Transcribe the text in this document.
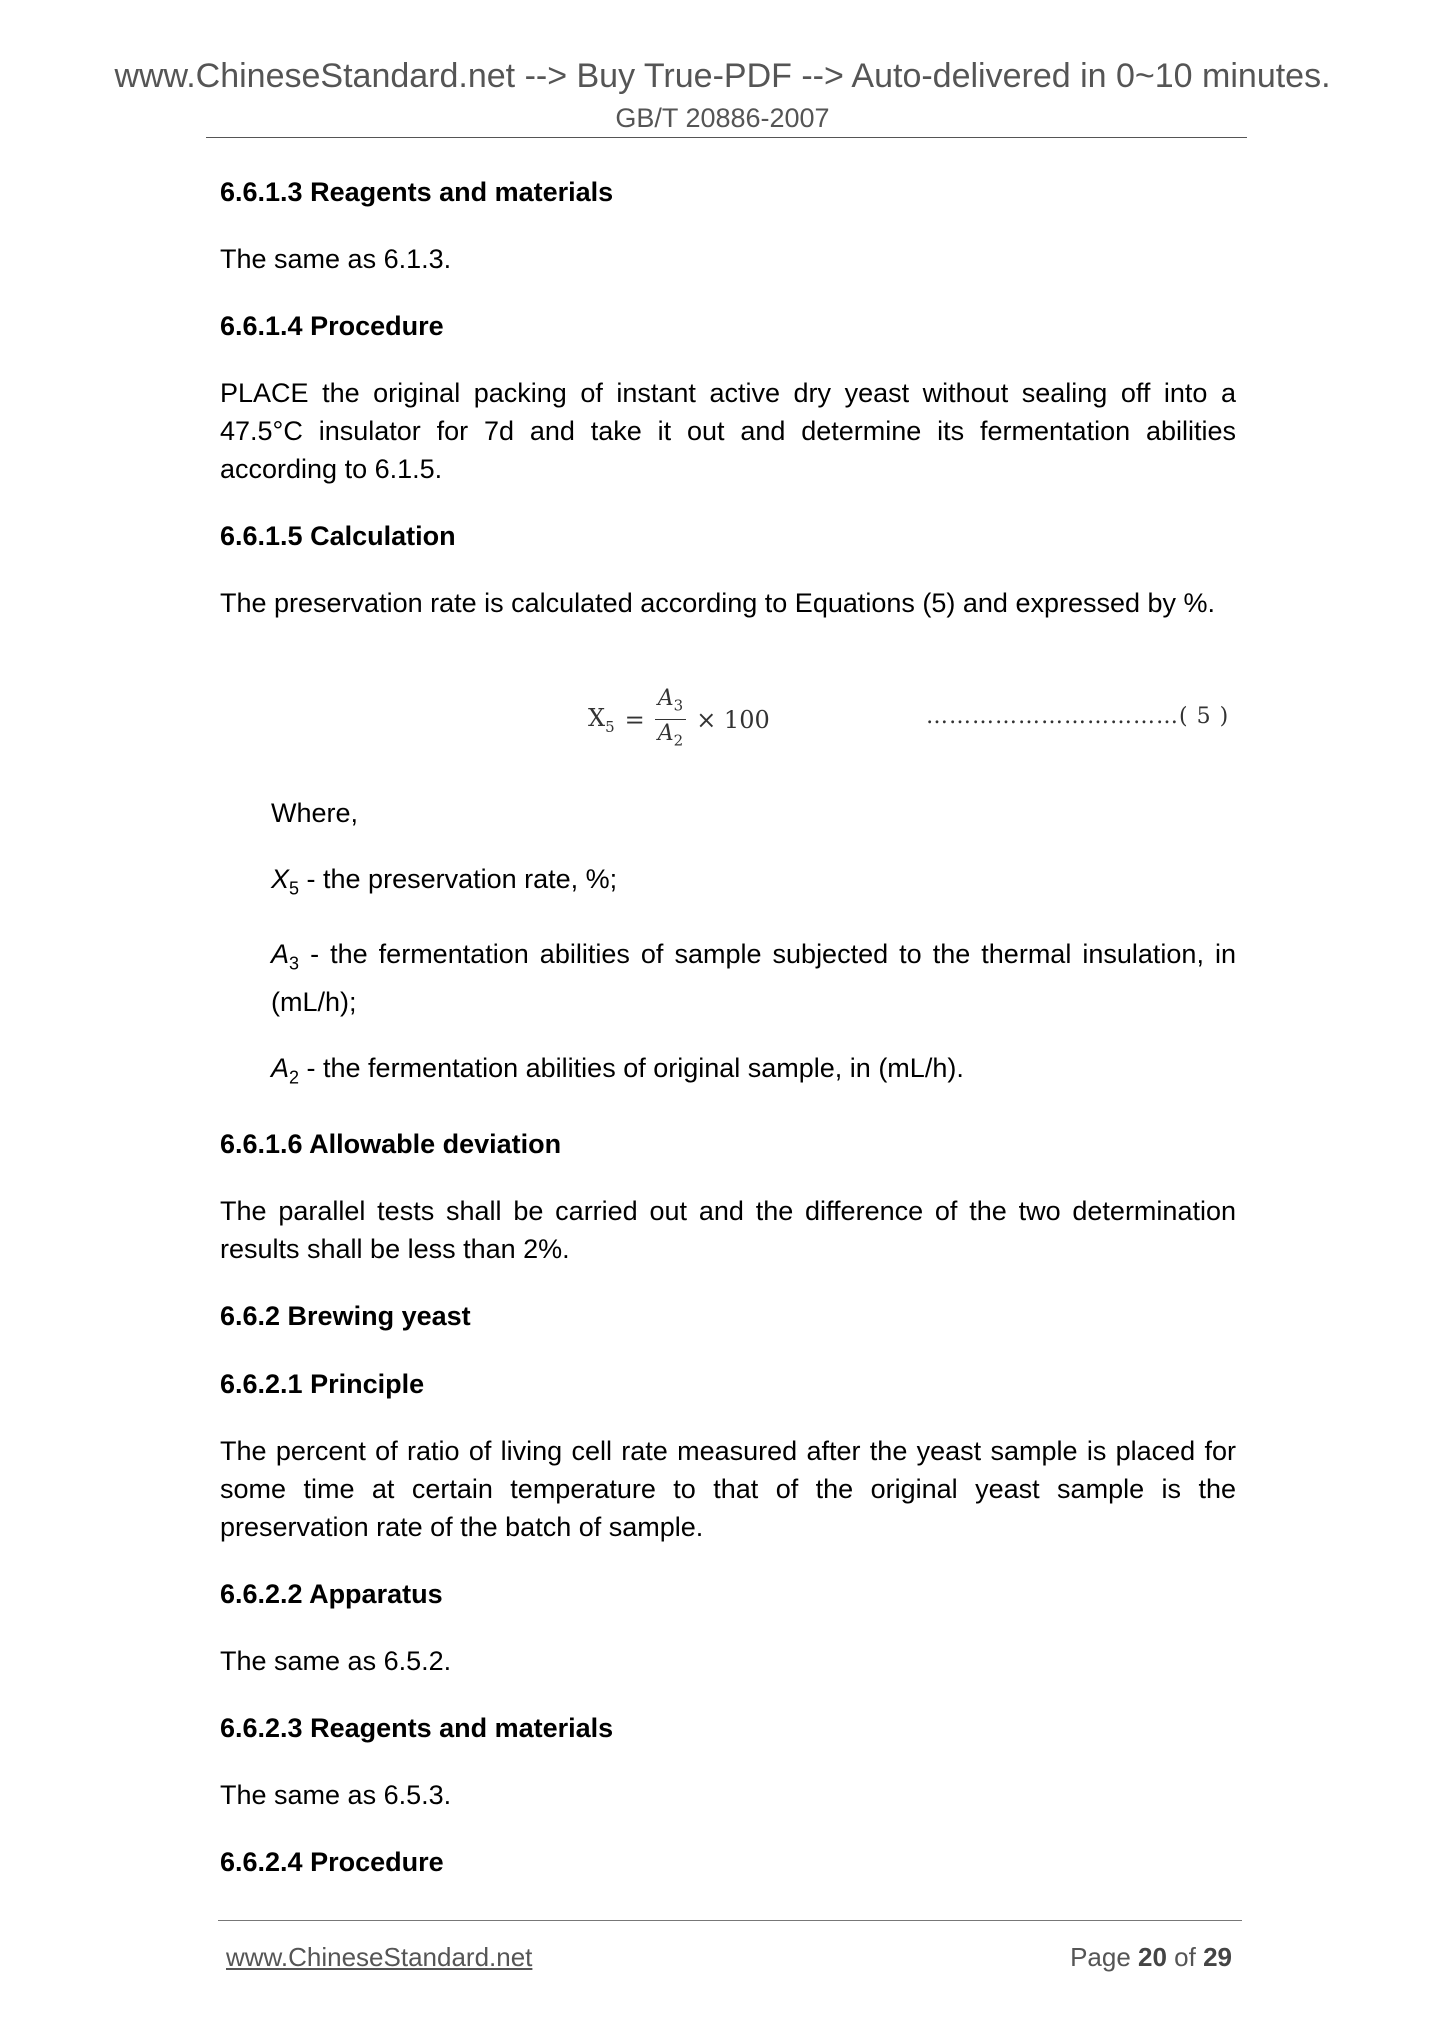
www.ChineseStandard.net --> Buy True-PDF --> Auto-delivered in 0~10 minutes.
GB/T 20886-2007
6.6.1.3 Reagents and materials
The same as 6.1.3.
6.6.1.4 Procedure
PLACE the original packing of instant active dry yeast without sealing off into a 47.5°C insulator for 7d and take it out and determine its fermentation abilities according to 6.1.5.
6.6.1.5 Calculation
The preservation rate is calculated according to Equations (5) and expressed by %.
$X_5 = \frac{A_3}{A_2} \times 100$	……………………………( 5 )
Where,
$X_5$ - the preservation rate, %;
$A_3$ - the fermentation abilities of sample subjected to the thermal insulation, in (mL/h);
$A_2$ - the fermentation abilities of original sample, in (mL/h).
6.6.1.6 Allowable deviation
The parallel tests shall be carried out and the difference of the two determination results shall be less than 2%.
6.6.2 Brewing yeast
6.6.2.1 Principle
The percent of ratio of living cell rate measured after the yeast sample is placed for some time at certain temperature to that of the original yeast sample is the preservation rate of the batch of sample.
6.6.2.2 Apparatus
The same as 6.5.2.
6.6.2.3 Reagents and materials
The same as 6.5.3.
6.6.2.4 Procedure
www.ChineseStandard.net	Page 20 of 29
